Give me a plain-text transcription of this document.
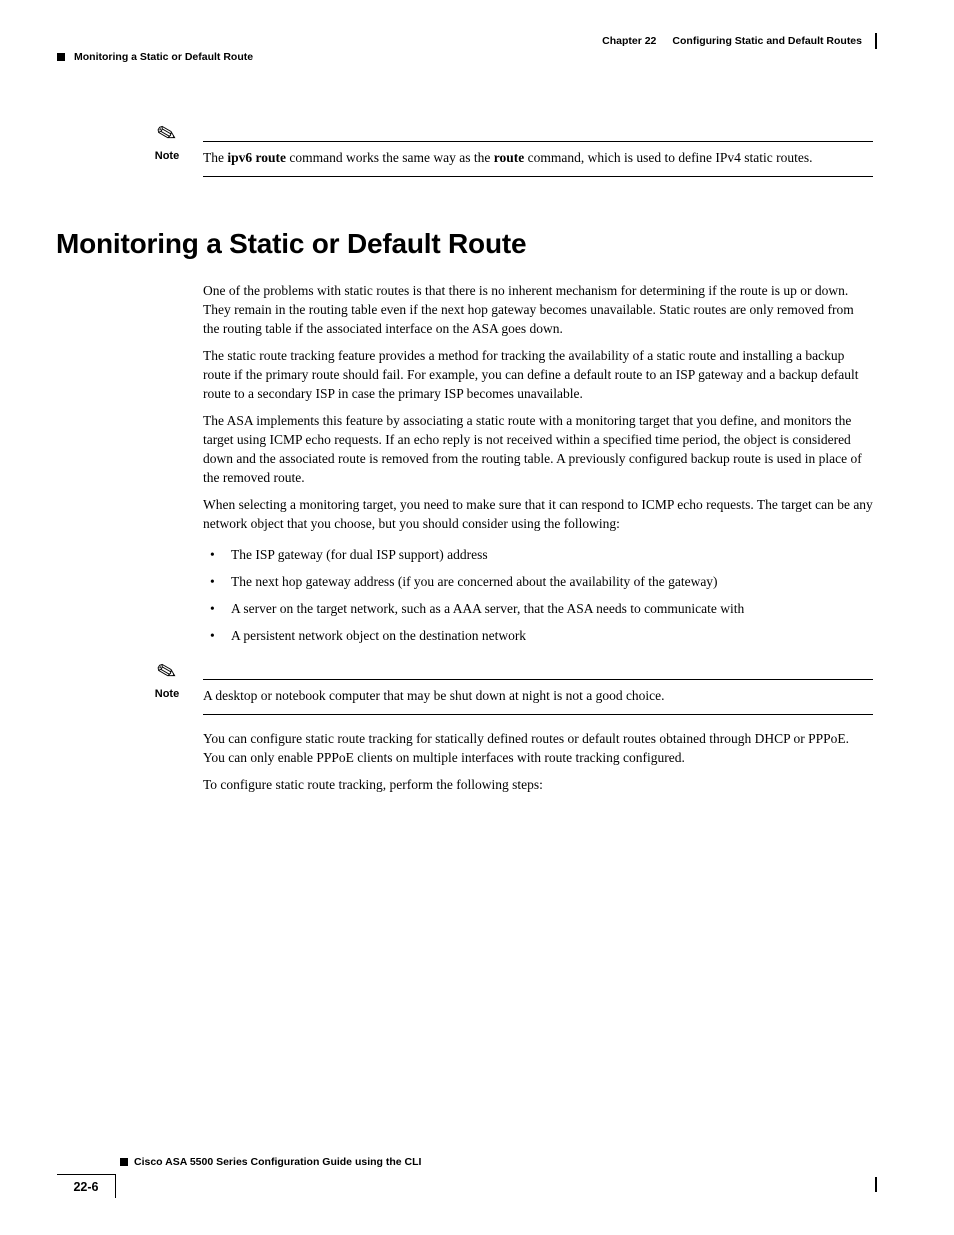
Chapter 22 Configuring Static and Default Routes
Monitoring a Static or Default Route
✎
Note	The ipv6 route command works the same way as the route command, which is used to define IPv4 static routes.
Monitoring a Static or Default Route

One of the problems with static routes is that there is no inherent mechanism for determining if the route is up or down. They remain in the routing table even if the next hop gateway becomes unavailable. Static routes are only removed from the routing table if the associated interface on the ASA goes down.

The static route tracking feature provides a method for tracking the availability of a static route and installing a backup route if the primary route should fail. For example, you can define a default route to an ISP gateway and a backup default route to a secondary ISP in case the primary ISP becomes unavailable.

The ASA implements this feature by associating a static route with a monitoring target that you define, and monitors the target using ICMP echo requests. If an echo reply is not received within a specified time period, the object is considered down and the associated route is removed from the routing table. A previously configured backup route is used in place of the removed route.

When selecting a monitoring target, you need to make sure that it can respond to ICMP echo requests. The target can be any network object that you choose, but you should consider using the following:

• The ISP gateway (for dual ISP support) address
• The next hop gateway address (if you are concerned about the availability of the gateway)
• A server on the target network, such as a AAA server, that the ASA needs to communicate with
• A persistent network object on the destination network
✎
Note	A desktop or notebook computer that may be shut down at night is not a good choice.

You can configure static route tracking for statically defined routes or default routes obtained through DHCP or PPPoE. You can only enable PPPoE clients on multiple interfaces with route tracking configured.

To configure static route tracking, perform the following steps:

Cisco ASA 5500 Series Configuration Guide using the CLI
22-6
